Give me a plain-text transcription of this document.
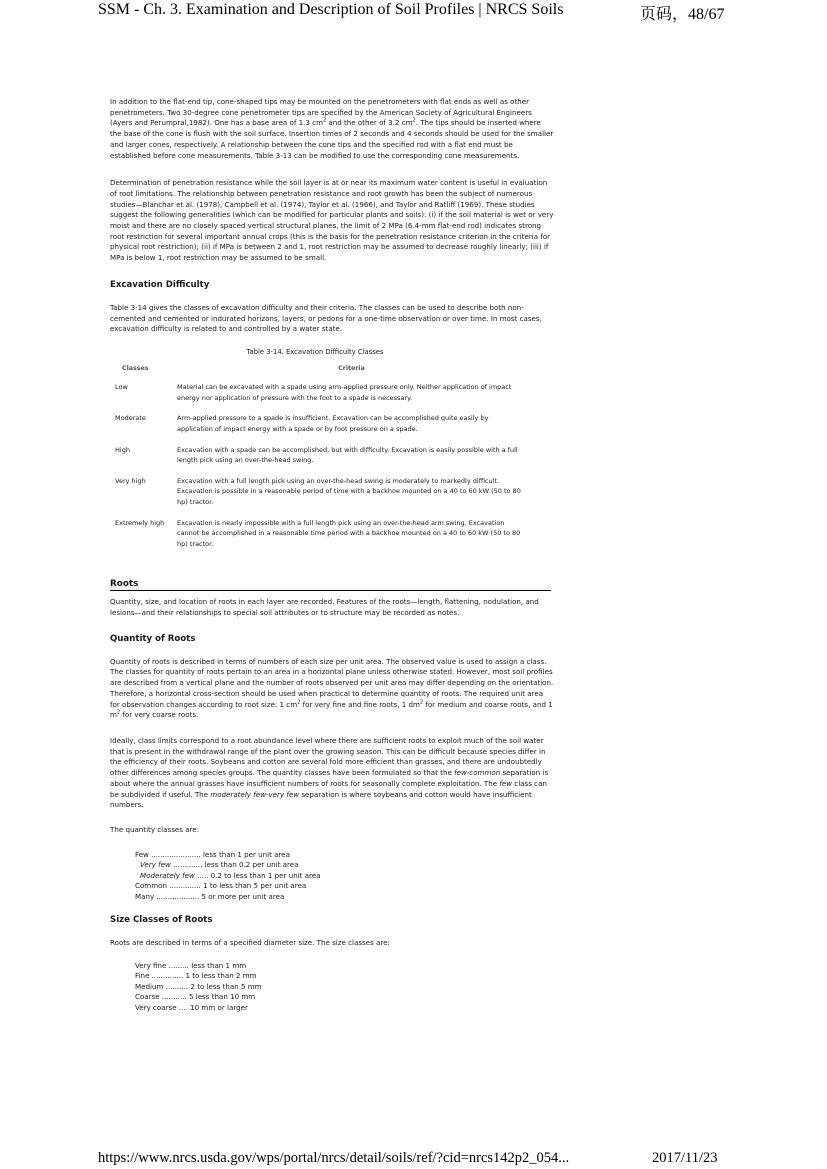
SSM - Ch. 3. Examination and Description of Soil Profiles | NRCS Soils	页码，48/67

In addition to the flat-end tip, cone-shaped tips may be mounted on the penetrometers with flat ends as well as other penetrometers. Two 30-degree cone penetrometer tips are specified by the American Society of Agricultural Engineers (Ayers and Perumpral,1982). One has a base area of 1.3 $cm^2$ and the other of 3.2 $cm^2$. The tips should be inserted where the base of the cone is flush with the soil surface. Insertion times of 2 seconds and 4 seconds should be used for the smaller and larger cones, respectively. A relationship between the cone tips and the specified rod with a flat end must be established before cone measurements. Table 3-13 can be modified to use the corresponding cone measurements.

Determination of penetration resistance while the soil layer is at or near its maximum water content is useful in evaluation of root limitations. The relationship between penetration resistance and root growth has been the subject of numerous studies—Blanchar et al. (1978), Campbell et al. (1974), Taylor et al. (1966), and Taylor and Ratliff (1969). These studies suggest the following generalities (which can be modified for particular plants and soils): (i) if the soil material is wet or very moist and there are no closely spaced vertical structural planes, the limit of 2 MPa (6.4-mm flat-end rod) indicates strong root restriction for several important annual crops (this is the basis for the penetration resistance criterion in the criteria for physical root restriction); (ii) if MPa is between 2 and 1, root restriction may be assumed to decrease roughly linearly; (iii) if MPa is below 1, root restriction may be assumed to be small.

Excavation Difficulty

Table 3-14 gives the classes of excavation difficulty and their criteria. The classes can be used to describe both non-cemented and cemented or indurated horizons, layers, or pedons for a one-time observation or over time. In most cases, excavation difficulty is related to and controlled by a water state.

Table 3-14. Excavation Difficulty Classes
Classes	Criteria
Low	Material can be excavated with a spade using arm-applied pressure only. Neither application of impact energy nor application of pressure with the foot to a spade is necessary.
Moderate	Arm-applied pressure to a spade is insufficient. Excavation can be accomplished quite easily by application of impact energy with a spade or by foot pressure on a spade.
High	Excavation with a spade can be accomplished, but with difficulty. Excavation is easily possible with a full length pick using an over-the-head swing.
Very high	Excavation with a full length pick using an over-the-head swing is moderately to markedly difficult. Excavation is possible in a reasonable period of time with a backhoe mounted on a 40 to 60 kW (50 to 80 hp) tractor.
Extremely high	Excavation is nearly impossible with a full length pick using an over-the-head arm swing. Excavation cannot be accomplished in a reasonable time period with a backhoe mounted on a 40 to 60 kW (50 to 80 hp) tractor.
Roots

Quantity, size, and location of roots in each layer are recorded. Features of the roots—length, flattening, nodulation, and lesions—and their relationships to special soil attributes or to structure may be recorded as notes.

Quantity of Roots

Quantity of roots is described in terms of numbers of each size per unit area. The observed value is used to assign a class. The classes for quantity of roots pertain to an area in a horizontal plane unless otherwise stated. However, most soil profiles are described from a vertical plane and the number of roots observed per unit area may differ depending on the orientation. Therefore, a horizontal cross-section should be used when practical to determine quantity of roots. The required unit area for observation changes according to root size: 1 $cm^2$ for very fine and fine roots, 1 $dm^2$ for medium and coarse roots, and 1 $m^2$ for very coarse roots.

Ideally, class limits correspond to a root abundance level where there are sufficient roots to exploit much of the soil water that is present in the withdrawal range of the plant over the growing season. This can be difficult because species differ in the efficiency of their roots. Soybeans and cotton are several fold more efficient than grasses, and there are undoubtedly other differences among species groups. The quantity classes have been formulated so that the few-common separation is about where the annual grasses have insufficient numbers of roots for seasonally complete exploitation. The few class can be subdivided if useful. The moderately few-very few separation is where soybeans and cotton would have insufficient numbers.

The quantity classes are:

Few ...................... less than 1 per unit area
Very few ............. less than 0.2 per unit area
Moderately few ..... 0.2 to less than 1 per unit area
Common .............. 1 to less than 5 per unit area
Many ................... 5 or more per unit area
Size Classes of Roots

Roots are described in terms of a specified diameter size. The size classes are:

Very fine ......... less than 1 mm
Fine .............. 1 to less than 2 mm
Medium .......... 2 to less than 5 mm
Coarse ........... 5 less than 10 mm
Very coarse .... 10 mm or larger
https://www.nrcs.usda.gov/wps/portal/nrcs/detail/soils/ref/?cid=nrcs142p2_054...	2017/11/23
